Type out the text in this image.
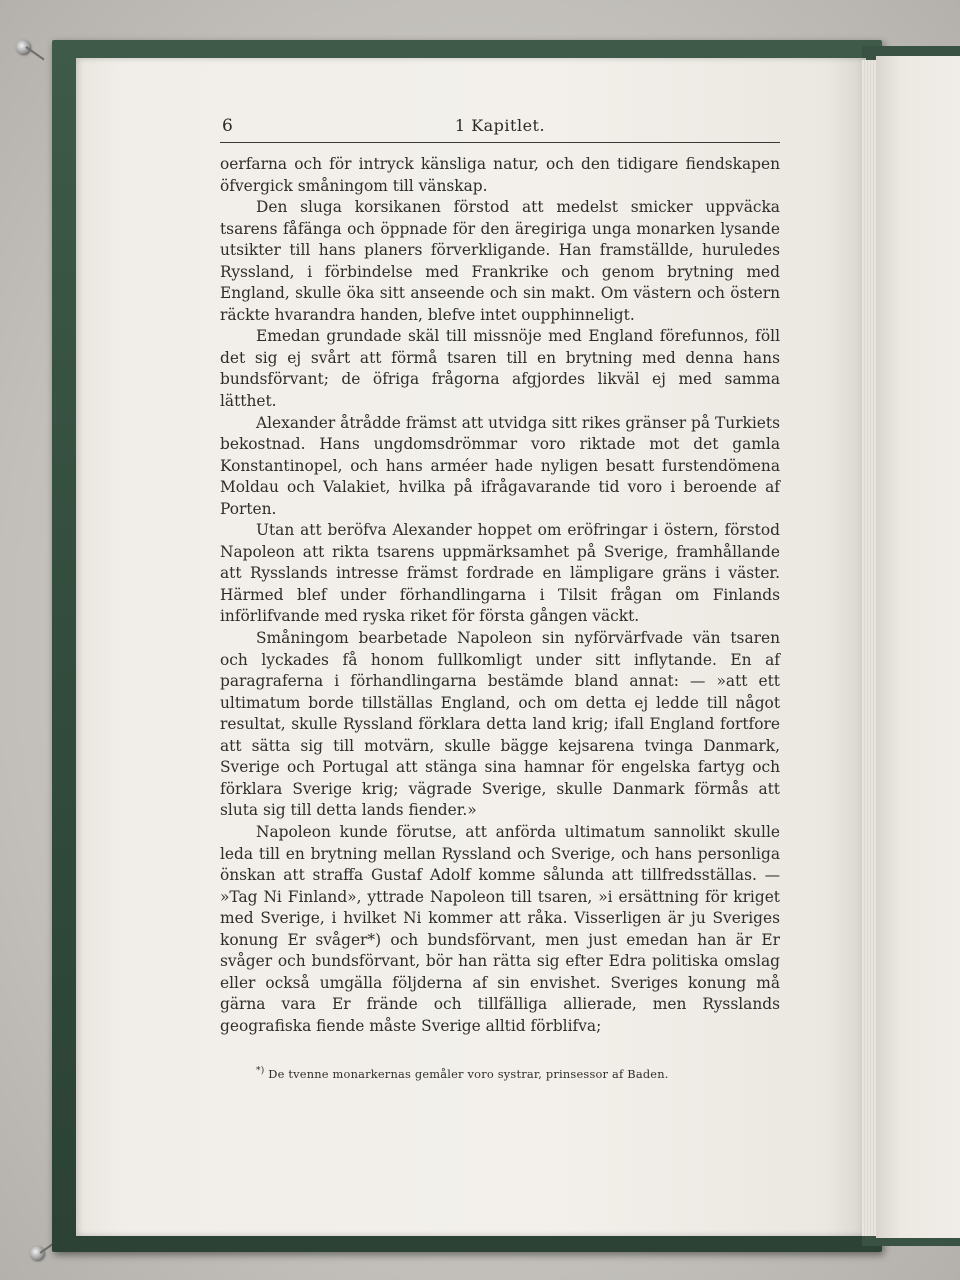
6	1 Kapitlet.

oerfarna och för intryck känsliga natur, och den tidigare fiendskapen öfvergick småningom till vänskap.

Den sluga korsikanen förstod att medelst smicker uppväcka tsarens fåfänga och öppnade för den äregiriga unga monarken lysande utsikter till hans planers förverkligande. Han framställde, huruledes Ryssland, i förbindelse med Frankrike och genom brytning med England, skulle öka sitt anseende och sin makt. Om västern och östern räckte hvarandra handen, blefve intet oupphinneligt.

Emedan grundade skäl till missnöje med England förefunnos, föll det sig ej svårt att förmå tsaren till en brytning med denna hans bundsförvant; de öfriga frågorna afgjordes likväl ej med samma lätthet.

Alexander åtrådde främst att utvidga sitt rikes gränser på Turkiets bekostnad. Hans ungdomsdrömmar voro riktade mot det gamla Konstantinopel, och hans arméer hade nyligen besatt furstendömena Moldau och Valakiet, hvilka på ifrågavarande tid voro i beroende af Porten.

Utan att beröfva Alexander hoppet om eröfringar i östern, förstod Napoleon att rikta tsarens uppmärksamhet på Sverige, framhållande att Rysslands intresse främst fordrade en lämpligare gräns i väster. Härmed blef under förhandlingarna i Tilsit frågan om Finlands införlifvande med ryska riket för första gången väckt.

Småningom bearbetade Napoleon sin nyförvärfvade vän tsaren och lyckades få honom fullkomligt under sitt inflytande. En af paragraferna i förhandlingarna bestämde bland annat: — »att ett ultimatum borde tillställas England, och om detta ej ledde till något resultat, skulle Ryssland förklara detta land krig; ifall England fortfore att sätta sig till motvärn, skulle bägge kejsarena tvinga Danmark, Sverige och Portugal att stänga sina hamnar för engelska fartyg och förklara Sverige krig; vägrade Sverige, skulle Danmark förmås att sluta sig till detta lands fiender.»

Napoleon kunde förutse, att anförda ultimatum sannolikt skulle leda till en brytning mellan Ryssland och Sverige, och hans personliga önskan att straffa Gustaf Adolf komme sålunda att tillfredsställas. — »Tag Ni Finland», yttrade Napoleon till tsaren, »i ersättning för kriget med Sverige, i hvilket Ni kommer att råka. Visserligen är ju Sveriges konung Er svåger*) och bundsförvant, men just emedan han är Er svåger och bundsförvant, bör han rätta sig efter Edra politiska omslag eller också umgälla följderna af sin envishet. Sveriges konung må gärna vara Er frände och tillfälliga allierade, men Rysslands geografiska fiende måste Sverige alltid förblifva;

*) De tvenne monarkernas gemåler voro systrar, prinsessor af Baden.
